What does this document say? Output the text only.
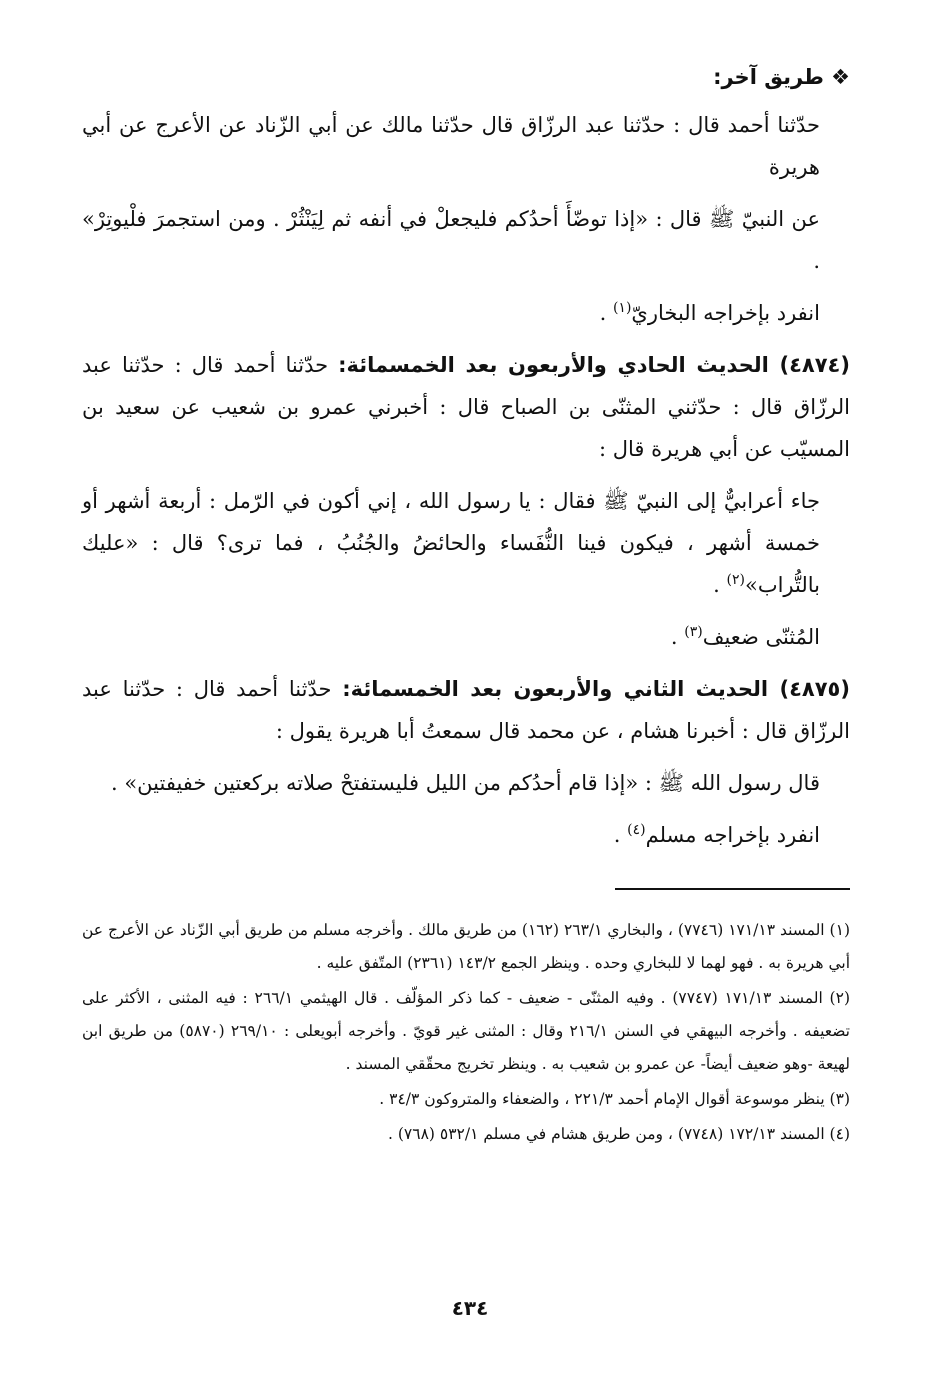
❖ طريق آخر:

حدّثنا أحمد قال : حدّثنا عبد الرزّاق قال حدّثنا مالك عن أبي الزّناد عن الأعرج عن أبي هريرة

عن النبيّ ﷺ قال : «إذا توضّأَ أحدُكم فليجعلْ في أنفه ثم لِيَنْثُرْ . ومن استجمرَ فلْيوتِرْ» .

انفرد بإخراجه البخاريّ$^{(١)}$ .

(٤٨٧٤) الحديث الحادي والأربعون بعد الخمسمائة: حدّثنا أحمد قال : حدّثنا عبد الرزّاق قال : حدّثني المثنّى بن الصباح قال : أخبرني عمرو بن شعيب عن سعيد بن المسيّب عن أبي هريرة قال :

جاء أعرابيٌّ إلى النبيّ ﷺ فقال : يا رسول الله ، إني أكون في الرّمل : أربعة أشهر أو خمسة أشهر ، فيكون فينا النُّفَساء والحائضُ والجُنُبُ ، فما ترى؟ قال : «عليك بالتُّراب»$^{(٢)}$ .

المُثنّى ضعيف$^{(٣)}$ .

(٤٨٧٥) الحديث الثاني والأربعون بعد الخمسمائة: حدّثنا أحمد قال : حدّثنا عبد الرزّاق قال : أخبرنا هشام ، عن محمد قال سمعتُ أبا هريرة يقول :

قال رسول الله ﷺ : «إذا قام أحدُكم من الليل فليستفتحْ صلاته بركعتين خفيفتين» .

انفرد بإخراجه مسلم$^{(٤)}$ .

(١) المسند ١٧١/١٣ (٧٧٤٦) ، والبخاري ٢٦٣/١ (١٦٢) من طريق مالك . وأخرجه مسلم من طريق أبي الزّناد عن الأعرج عن أبي هريرة به . فهو لهما لا للبخاري وحده . وينظر الجمع ١٤٣/٢ (٢٣٦١) المتّفق عليه .

(٢) المسند ١٧١/١٣ (٧٧٤٧) . وفيه المثنّى - ضعيف - كما ذكر المؤلّف . قال الهيثمي ٢٦٦/١ : فيه المثنى ، الأكثر على تضعيفه . وأخرجه البيهقي في السنن ٢١٦/١ وقال : المثنى غير قويّ . وأخرجه أبويعلى : ٢٦٩/١٠ (٥٨٧٠) من طريق ابن لهيعة -وهو ضعيف أيضاً- عن عمرو بن شعيب به . وينظر تخريج محقّقي المسند .

(٣) ينظر موسوعة أقوال الإمام أحمد ٢٢١/٣ ، والضعفاء والمتروكون ٣٤/٣ .

(٤) المسند ١٧٢/١٣ (٧٧٤٨) ، ومن طريق هشام في مسلم ٥٣٢/١ (٧٦٨) .

٤٣٤
